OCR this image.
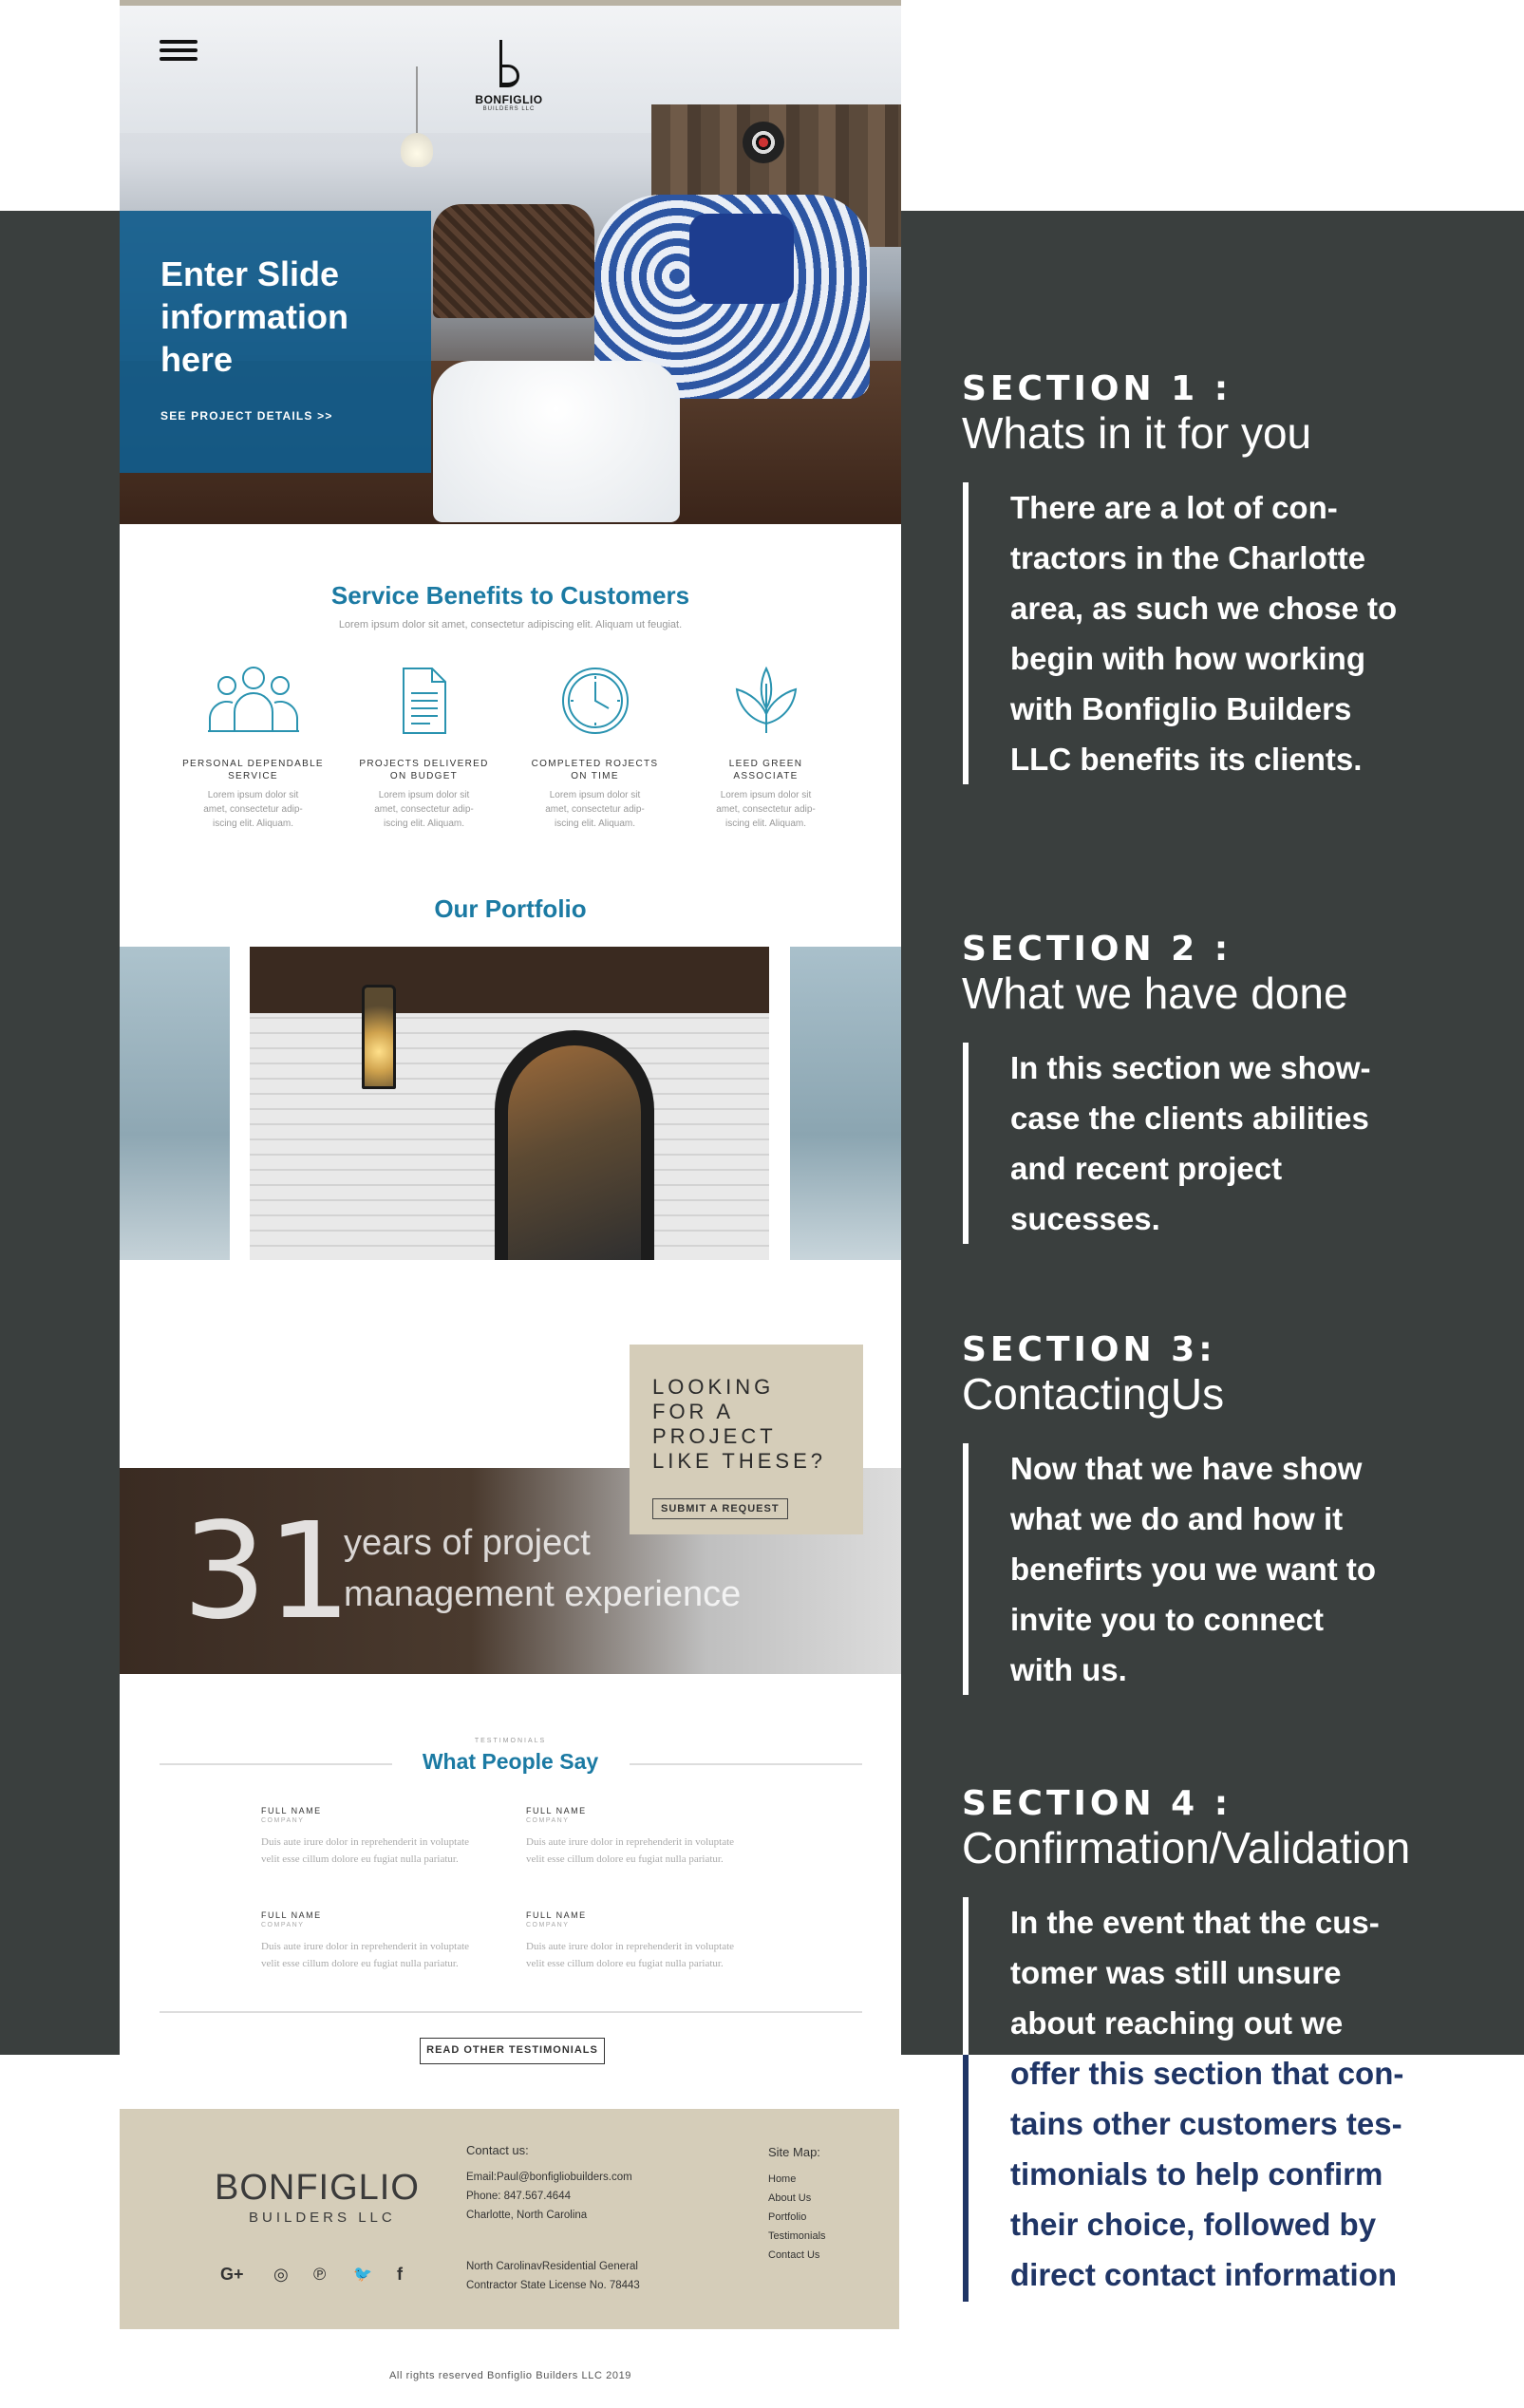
BONFIGLIO
BUILDERS LLC
Enter Slide
information
here
SEE PROJECT DETAILS >>
Service Benefits to Customers
Lorem ipsum dolor sit amet, consectetur adipiscing elit. Aliquam ut feugiat.
PERSONAL DEPENDABLE
SERVICE
Lorem ipsum dolor sit
amet, consectetur adip-
iscing elit. Aliquam.
PROJECTS DELIVERED
ON BUDGET
Lorem ipsum dolor sit
amet, consectetur adip-
iscing elit. Aliquam.
COMPLETED ROJECTS
ON TIME
Lorem ipsum dolor sit
amet, consectetur adip-
iscing elit. Aliquam.
LEED GREEN
ASSOCIATE
Lorem ipsum dolor sit
amet, consectetur adip-
iscing elit. Aliquam.
Our Portfolio
31
years of project
management experience
LOOKING
FOR A
PROJECT
LIKE THESE?
SUBMIT A REQUEST
TESTIMONIALS
What People Say
FULL NAME
COMPANY
Duis aute irure dolor in reprehenderit in voluptate
velit esse cillum dolore eu fugiat nulla pariatur.
FULL NAME
COMPANY
Duis aute irure dolor in reprehenderit in voluptate
velit esse cillum dolore eu fugiat nulla pariatur.
FULL NAME
COMPANY
Duis aute irure dolor in reprehenderit in voluptate
velit esse cillum dolore eu fugiat nulla pariatur.
FULL NAME
COMPANY
Duis aute irure dolor in reprehenderit in voluptate
velit esse cillum dolore eu fugiat nulla pariatur.
READ OTHER TESTIMONIALS
BONFIGLIO
BUILDERS LLC
G+ ◎ ℗ 🐦 f
Contact us:
Email:Paul@bonfigliobuilders.com
Phone: 847.567.4644
Charlotte, North Carolina
North CarolinavResidential General
Contractor State License No. 78443
Site Map:
Home
About Us
Portfolio
Testimonials
Contact Us
All rights reserved Bonfiglio Builders LLC 2019
SECTION 1 :
Whats in it for you
There are a lot of con-
tractors in the Charlotte
area, as such we chose to
begin with how working
with Bonfiglio Builders
LLC benefits its clients.
SECTION 2 :
What we have done
In this section we show-
case the clients abilities
and recent project
sucesses.
SECTION 3:
ContactingUs
Now that we have show
what we do and how it
benefirts you we want to
invite you to connect
with us.
SECTION 4 :
Confirmation/Validation
In the event that the cus-
tomer was still unsure
about reaching out we
offer this section that con-
tains other customers tes-
timonials to help confirm
their choice, followed by
direct contact information
